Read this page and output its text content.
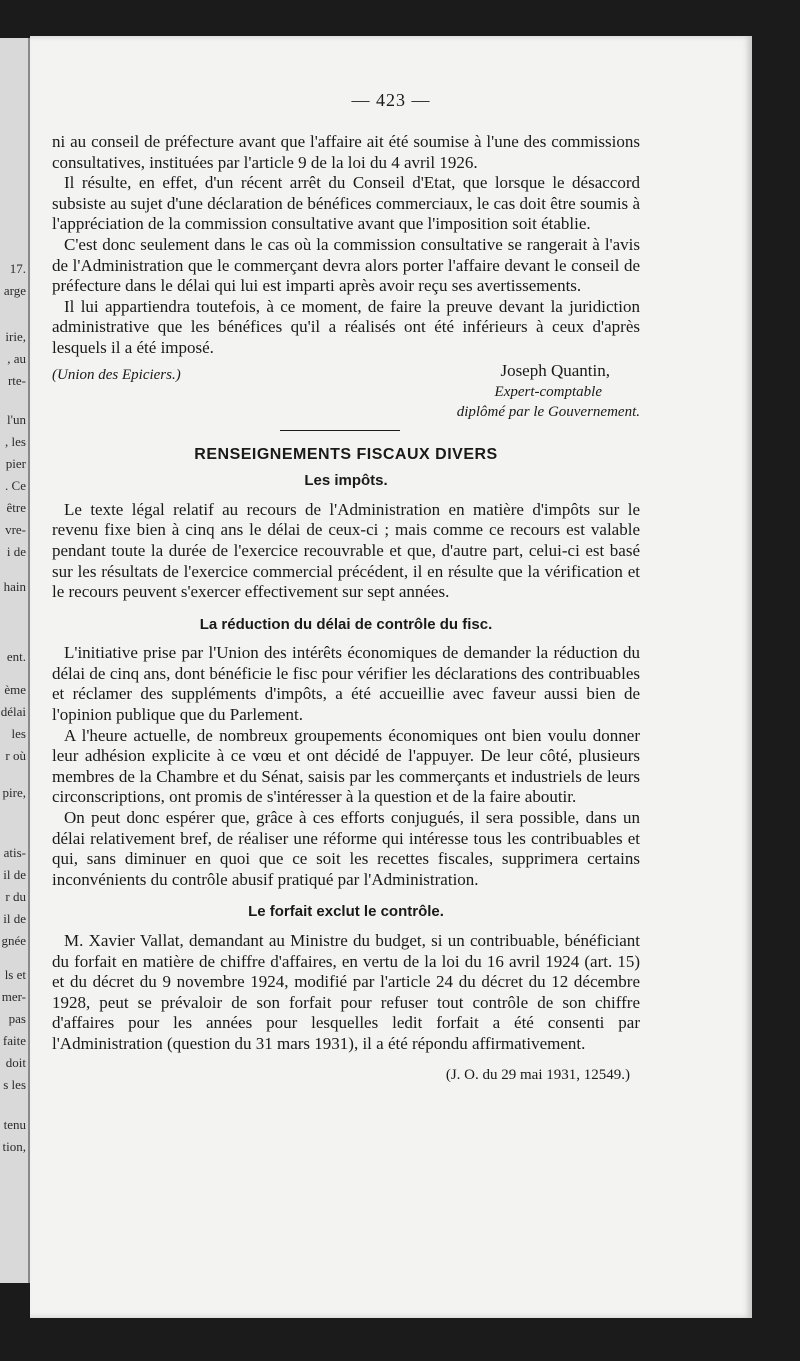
17.
arge
irie,
, au
rte-
l'un
, les
pier
. Ce
être
vre-
i de
hain
ent.
ème
délai
les
r où
pire,
atis-
il de
r du
il de
gnée
ls et
mer-
pas
faite
doit
s les
tenu
tion,
— 423 —

ni au conseil de préfecture avant que l'affaire ait été soumise à l'une des commissions consultatives, instituées par l'article 9 de la loi du 4 avril 1926.

Il résulte, en effet, d'un récent arrêt du Conseil d'Etat, que lorsque le désaccord subsiste au sujet d'une déclaration de bénéfices commerciaux, le cas doit être soumis à l'appréciation de la commission consultative avant que l'imposition soit établie.

C'est donc seulement dans le cas où la commission consultative se rangerait à l'avis de l'Administration que le commerçant devra alors porter l'affaire devant le conseil de préfecture dans le délai qui lui est imparti après avoir reçu ses avertissements.

Il lui appartiendra toutefois, à ce moment, de faire la preuve devant la juridiction administrative que les bénéfices qu'il a réalisés ont été inférieurs à ceux d'après lesquels il a été imposé.

(Union des Epiciers.)	Joseph Quantin,
Expert-comptable
diplômé par le Gouvernement.
RENSEIGNEMENTS FISCAUX DIVERS
Les impôts.

Le texte légal relatif au recours de l'Administration en matière d'impôts sur le revenu fixe bien à cinq ans le délai de ceux-ci ; mais comme ce recours est valable pendant toute la durée de l'exercice recouvrable et que, d'autre part, celui-ci est basé sur les résultats de l'exercice commercial précédent, il en résulte que la vérification et le recours peuvent s'exercer effectivement sur sept années.

La réduction du délai de contrôle du fisc.

L'initiative prise par l'Union des intérêts économiques de demander la réduction du délai de cinq ans, dont bénéficie le fisc pour vérifier les déclarations des contribuables et réclamer des suppléments d'impôts, a été accueillie avec faveur aussi bien de l'opinion publique que du Parlement.

A l'heure actuelle, de nombreux groupements économiques ont bien voulu donner leur adhésion explicite à ce vœu et ont décidé de l'appuyer. De leur côté, plusieurs membres de la Chambre et du Sénat, saisis par les commerçants et industriels de leurs circonscriptions, ont promis de s'intéresser à la question et de la faire aboutir.

On peut donc espérer que, grâce à ces efforts conjugués, il sera possible, dans un délai relativement bref, de réaliser une réforme qui intéresse tous les contribuables et qui, sans diminuer en quoi que ce soit les recettes fiscales, supprimera certains inconvénients du contrôle abusif pratiqué par l'Administration.

Le forfait exclut le contrôle.

M. Xavier Vallat, demandant au Ministre du budget, si un contribuable, bénéficiant du forfait en matière de chiffre d'affaires, en vertu de la loi du 16 avril 1924 (art. 15) et du décret du 9 novembre 1924, modifié par l'article 24 du décret du 12 décembre 1928, peut se prévaloir de son forfait pour refuser tout contrôle de son chiffre d'affaires pour les années pour lesquelles ledit forfait a été consenti par l'Administration (question du 31 mars 1931), il a été répondu affirmativement.

(J. O. du 29 mai 1931, 12549.)
